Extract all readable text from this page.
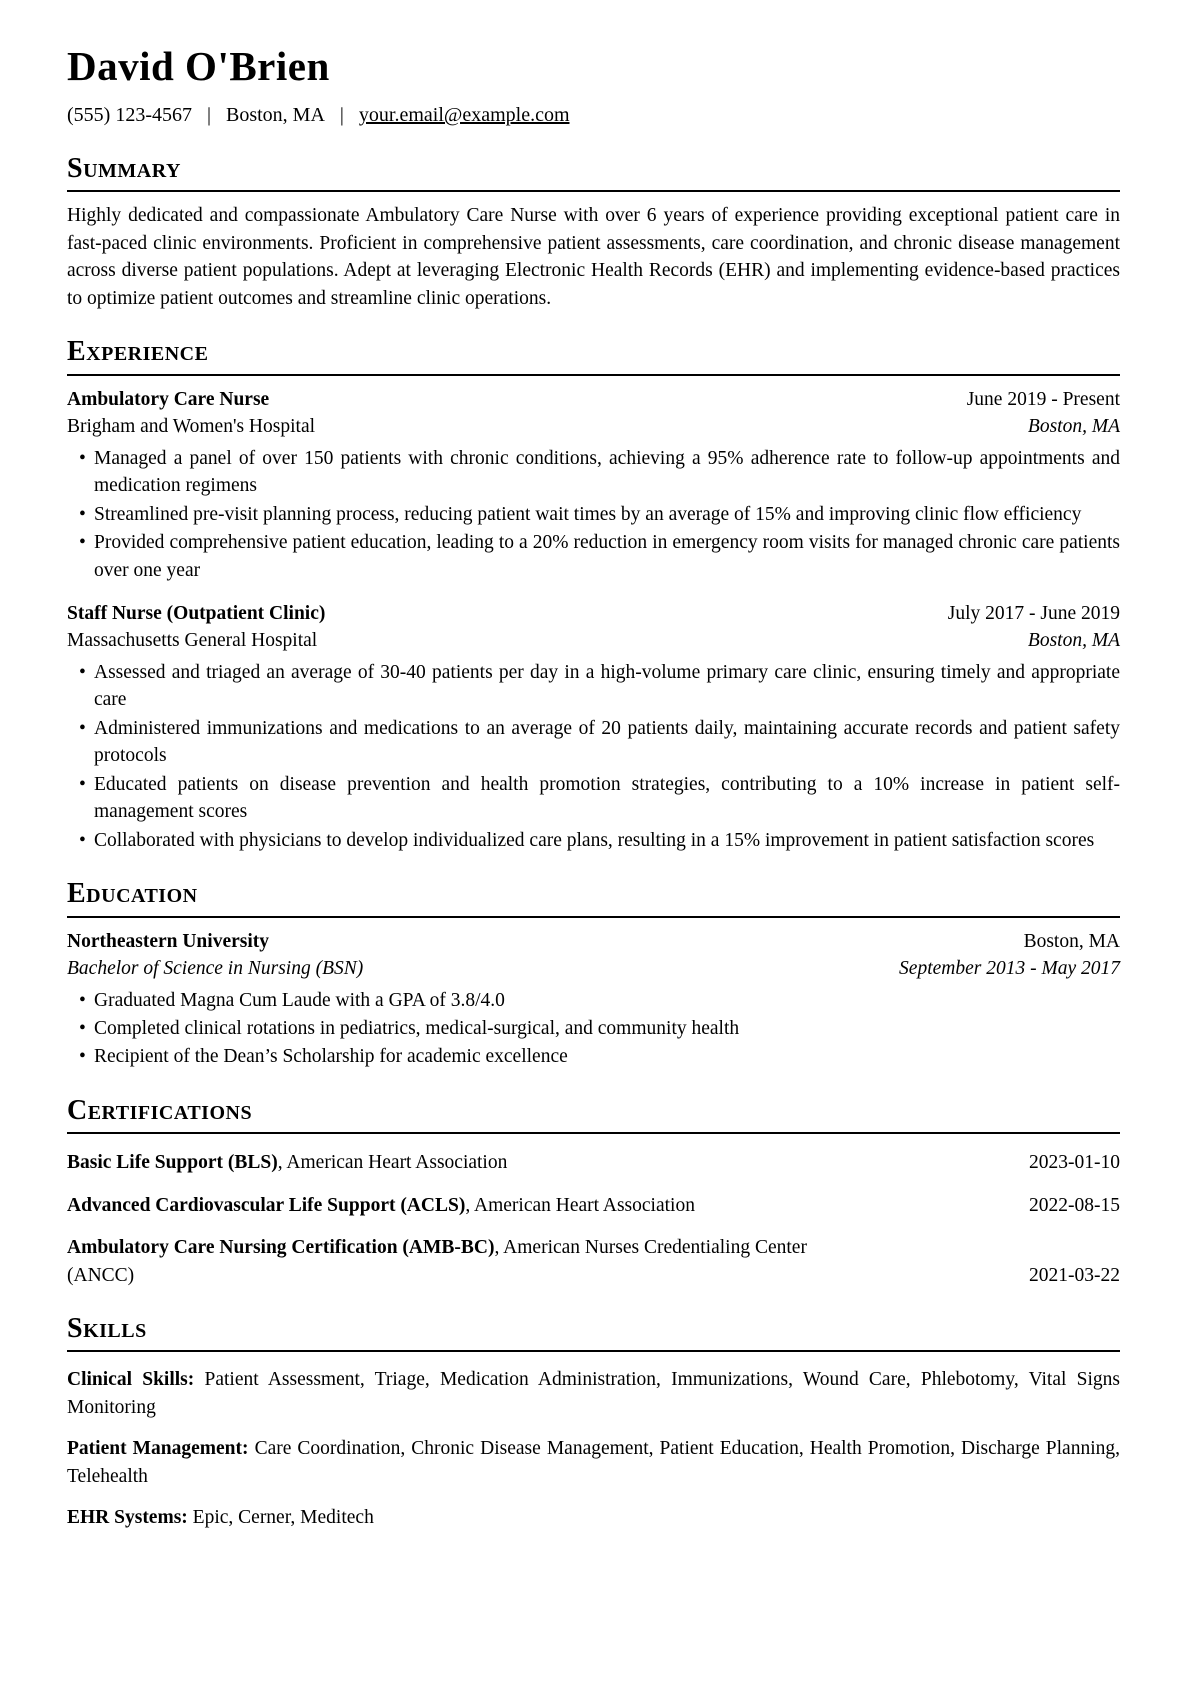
David O'Brien

(555) 123-4567 | Boston, MA | your.email@example.com

Summary

Highly dedicated and compassionate Ambulatory Care Nurse with over 6 years of experience providing exceptional patient care in fast-paced clinic environments. Proficient in comprehensive patient assessments, care coordination, and chronic disease management across diverse patient populations. Adept at leveraging Electronic Health Records (EHR) and implementing evidence-based practices to optimize patient outcomes and streamline clinic operations.

Experience
Ambulatory Care Nurse	June 2019 - Present
Brigham and Women's Hospital	Boston, MA
• Managed a panel of over 150 patients with chronic conditions, achieving a 95% adherence rate to follow-up appointments and medication regimens
• Streamlined pre-visit planning process, reducing patient wait times by an average of 15% and improving clinic flow efficiency
• Provided comprehensive patient education, leading to a 20% reduction in emergency room visits for managed chronic care patients over one year
Staff Nurse (Outpatient Clinic)	July 2017 - June 2019
Massachusetts General Hospital	Boston, MA
• Assessed and triaged an average of 30-40 patients per day in a high-volume primary care clinic, ensuring timely and appropriate care
• Administered immunizations and medications to an average of 20 patients daily, maintaining accurate records and patient safety protocols
• Educated patients on disease prevention and health promotion strategies, contributing to a 10% increase in patient self-management scores
• Collaborated with physicians to develop individualized care plans, resulting in a 15% improvement in patient satisfaction scores
Education
Northeastern University	Boston, MA
Bachelor of Science in Nursing (BSN)	September 2013 - May 2017
• Graduated Magna Cum Laude with a GPA of 3.8/4.0
• Completed clinical rotations in pediatrics, medical-surgical, and community health
• Recipient of the Dean’s Scholarship for academic excellence
Certifications
Basic Life Support (BLS), American Heart Association	2023-01-10
Advanced Cardiovascular Life Support (ACLS), American Heart Association	2022-08-15
Ambulatory Care Nursing Certification (AMB-BC), American Nurses Credentialing Center (ANCC)	2021-03-22
Skills

Clinical Skills: Patient Assessment, Triage, Medication Administration, Immunizations, Wound Care, Phlebotomy, Vital Signs Monitoring

Patient Management: Care Coordination, Chronic Disease Management, Patient Education, Health Promotion, Discharge Planning, Telehealth

EHR Systems: Epic, Cerner, Meditech
